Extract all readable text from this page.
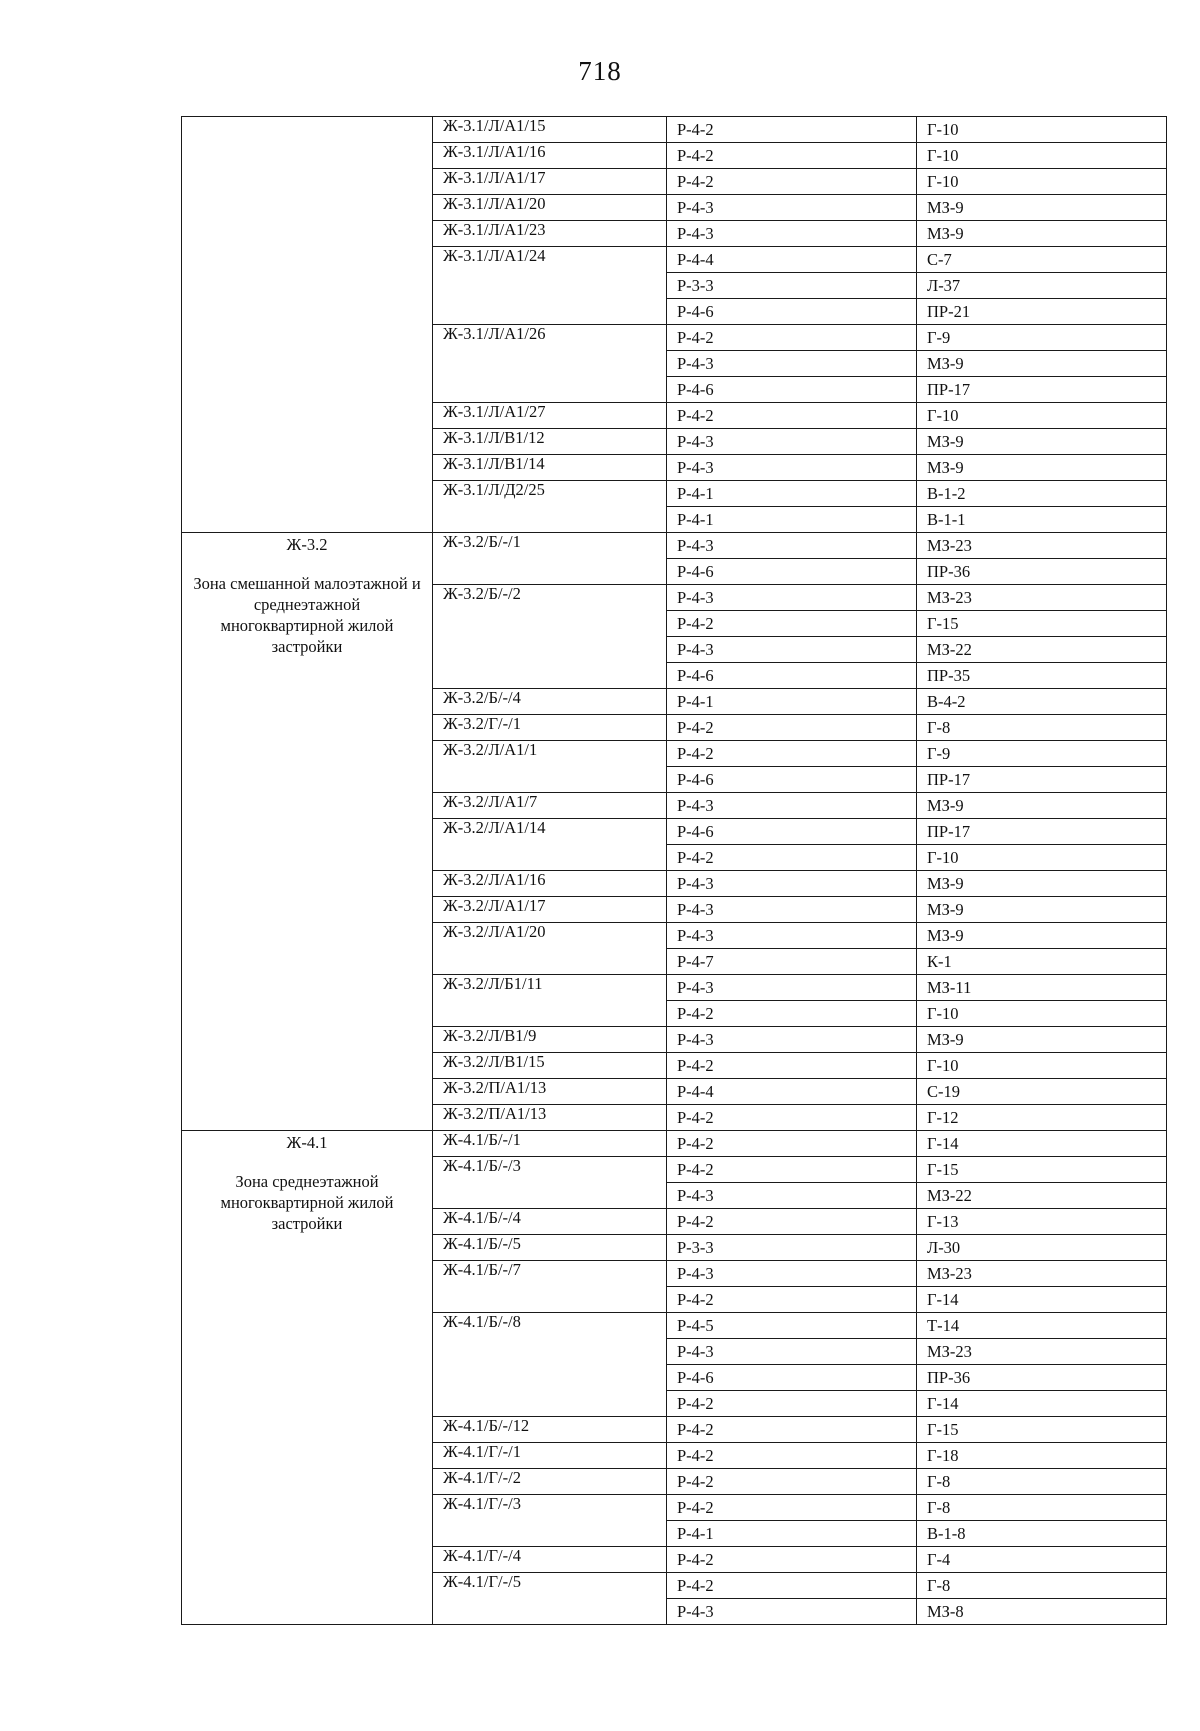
718
	Ж-3.1/Л/А1/15	Р-4-2	Г-10
	Ж-3.1/Л/А1/16	Р-4-2	Г-10
	Ж-3.1/Л/А1/17	Р-4-2	Г-10
	Ж-3.1/Л/А1/20	Р-4-3	МЗ-9
	Ж-3.1/Л/А1/23	Р-4-3	МЗ-9
	Ж-3.1/Л/А1/24	Р-4-4	С-7
		Р-3-3	Л-37
		Р-4-6	ПР-21
	Ж-3.1/Л/А1/26	Р-4-2	Г-9
		Р-4-3	МЗ-9
		Р-4-6	ПР-17
	Ж-3.1/Л/А1/27	Р-4-2	Г-10
	Ж-3.1/Л/В1/12	Р-4-3	МЗ-9
	Ж-3.1/Л/В1/14	Р-4-3	МЗ-9
	Ж-3.1/Л/Д2/25	Р-4-1	В-1-2
		Р-4-1	В-1-1

Ж-3.2
Зона смешанной малоэтажной и среднеэтажной многоквартирной жилой застройки	Ж-3.2/Б/-/1	Р-4-3	МЗ-23
		Р-4-6	ПР-36
	Ж-3.2/Б/-/2	Р-4-3	МЗ-23
		Р-4-2	Г-15
		Р-4-3	МЗ-22
		Р-4-6	ПР-35
	Ж-3.2/Б/-/4	Р-4-1	В-4-2
	Ж-3.2/Г/-/1	Р-4-2	Г-8
	Ж-3.2/Л/А1/1	Р-4-2	Г-9
		Р-4-6	ПР-17
	Ж-3.2/Л/А1/7	Р-4-3	МЗ-9
	Ж-3.2/Л/А1/14	Р-4-6	ПР-17
		Р-4-2	Г-10
	Ж-3.2/Л/А1/16	Р-4-3	МЗ-9
	Ж-3.2/Л/А1/17	Р-4-3	МЗ-9
	Ж-3.2/Л/А1/20	Р-4-3	МЗ-9
		Р-4-7	К-1
	Ж-3.2/Л/Б1/11	Р-4-3	МЗ-11
		Р-4-2	Г-10
	Ж-3.2/Л/В1/9	Р-4-3	МЗ-9
	Ж-3.2/Л/В1/15	Р-4-2	Г-10
	Ж-3.2/П/А1/13	Р-4-4	С-19
	Ж-3.2/П/А1/13	Р-4-2	Г-12

Ж-4.1
Зона среднеэтажной многоквартирной жилой застройки	Ж-4.1/Б/-/1	Р-4-2	Г-14
	Ж-4.1/Б/-/3	Р-4-2	Г-15
		Р-4-3	МЗ-22
	Ж-4.1/Б/-/4	Р-4-2	Г-13
	Ж-4.1/Б/-/5	Р-3-3	Л-30
	Ж-4.1/Б/-/7	Р-4-3	МЗ-23
		Р-4-2	Г-14
	Ж-4.1/Б/-/8	Р-4-5	Т-14
		Р-4-3	МЗ-23
		Р-4-6	ПР-36
		Р-4-2	Г-14
	Ж-4.1/Б/-/12	Р-4-2	Г-15
	Ж-4.1/Г/-/1	Р-4-2	Г-18
	Ж-4.1/Г/-/2	Р-4-2	Г-8
	Ж-4.1/Г/-/3	Р-4-2	Г-8
		Р-4-1	В-1-8
	Ж-4.1/Г/-/4	Р-4-2	Г-4
	Ж-4.1/Г/-/5	Р-4-2	Г-8
		Р-4-3	МЗ-8
